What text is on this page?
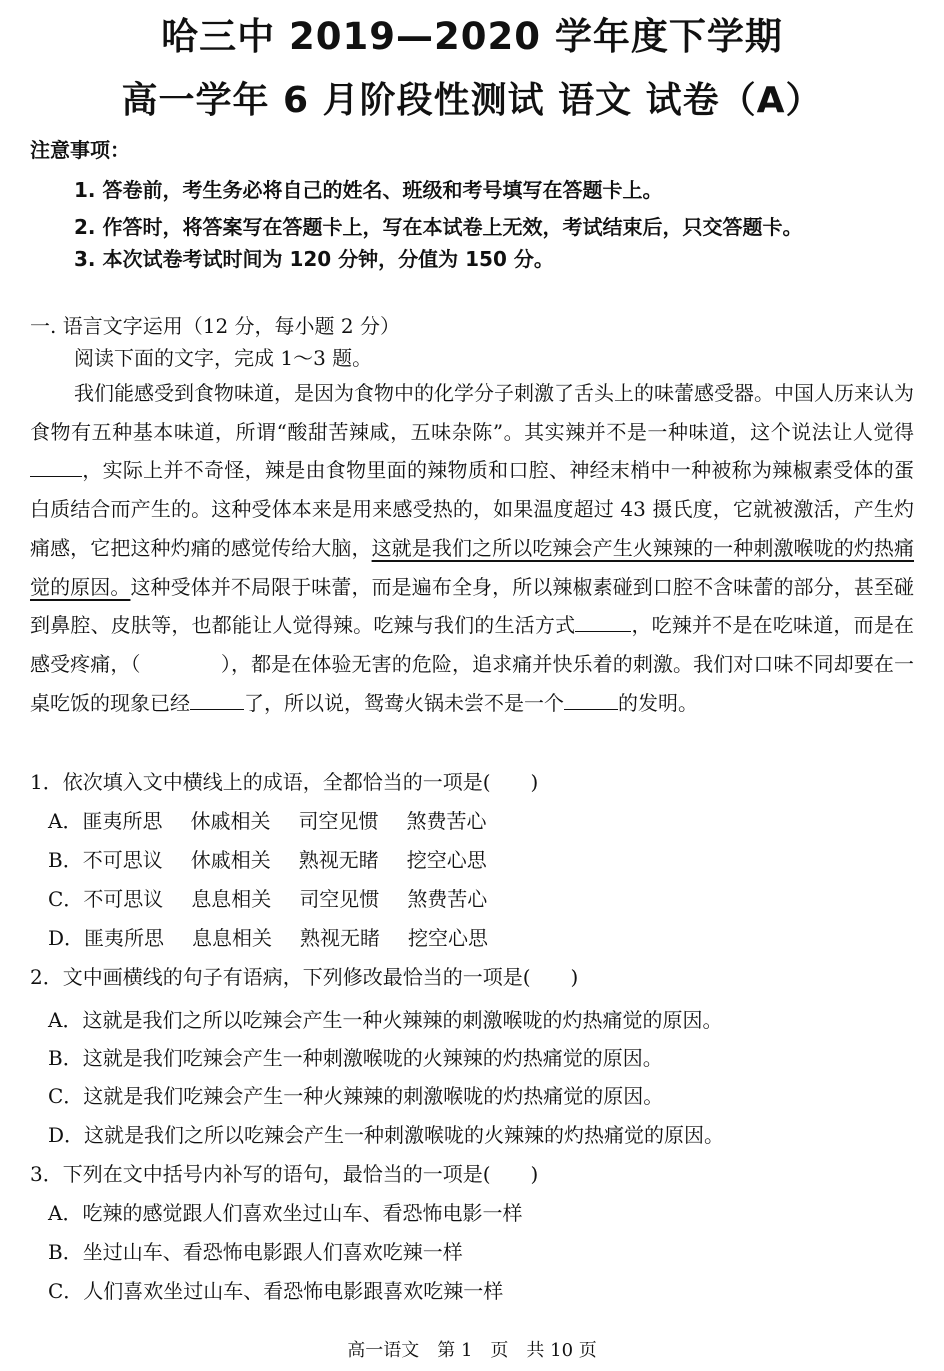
哈三中 2019—2020 学年度下学期
高一学年 6 月阶段性测试 语文 试卷（A）
注意事项：
1. 答卷前，考生务必将自己的姓名、班级和考号填写在答题卡上。
2. 作答时，将答案写在答题卡上，写在本试卷上无效，考试结束后，只交答题卡。
3. 本次试卷考试时间为 120 分钟，分值为 150 分。
一. 语言文字运用（12 分，每小题 2 分）
阅读下面的文字，完成 1～3 题。
我们能感受到食物味道，是因为食物中的化学分子刺激了舌头上的味蕾感受器。中国人历来认为食物有五种基本味道，所谓“酸甜苦辣咸，五味杂陈”。其实辣并不是一种味道，这个说法让人觉得，实际上并不奇怪，辣是由食物里面的辣物质和口腔、神经末梢中一种被称为辣椒素受体的蛋白质结合而产生的。这种受体本来是用来感受热的，如果温度超过 43 摄氏度，它就被激活，产生灼痛感，它把这种灼痛的感觉传给大脑，这就是我们之所以吃辣会产生火辣辣的一种刺激喉咙的灼热痛觉的原因。这种受体并不局限于味蕾，而是遍布全身，所以辣椒素碰到口腔不含味蕾的部分，甚至碰到鼻腔、皮肤等，也都能让人觉得辣。吃辣与我们的生活方式	，吃辣并不是在吃味道，而是在感受疼痛，（　　　　），都是在体验无害的危险，追求痛并快乐着的刺激。我们对口味不同却要在一桌吃饭的现象已经	了，所以说，鸳鸯火锅未尝不是一个	的发明。
1．依次填入文中横线上的成语，全都恰当的一项是(　　)
A．匪夷所思 休戚相关 司空见惯 煞费苦心
B．不可思议 休戚相关 熟视无睹 挖空心思
C．不可思议 息息相关 司空见惯 煞费苦心
D．匪夷所思 息息相关 熟视无睹 挖空心思
2．文中画横线的句子有语病，下列修改最恰当的一项是(　　)
A．这就是我们之所以吃辣会产生一种火辣辣的刺激喉咙的灼热痛觉的原因。
B．这就是我们吃辣会产生一种刺激喉咙的火辣辣的灼热痛觉的原因。
C．这就是我们吃辣会产生一种火辣辣的刺激喉咙的灼热痛觉的原因。
D．这就是我们之所以吃辣会产生一种刺激喉咙的火辣辣的灼热痛觉的原因。
3．下列在文中括号内补写的语句，最恰当的一项是(　　)
A．吃辣的感觉跟人们喜欢坐过山车、看恐怖电影一样
B．坐过山车、看恐怖电影跟人们喜欢吃辣一样
C．人们喜欢坐过山车、看恐怖电影跟喜欢吃辣一样
高一语文　第 1　页　共 10 页
